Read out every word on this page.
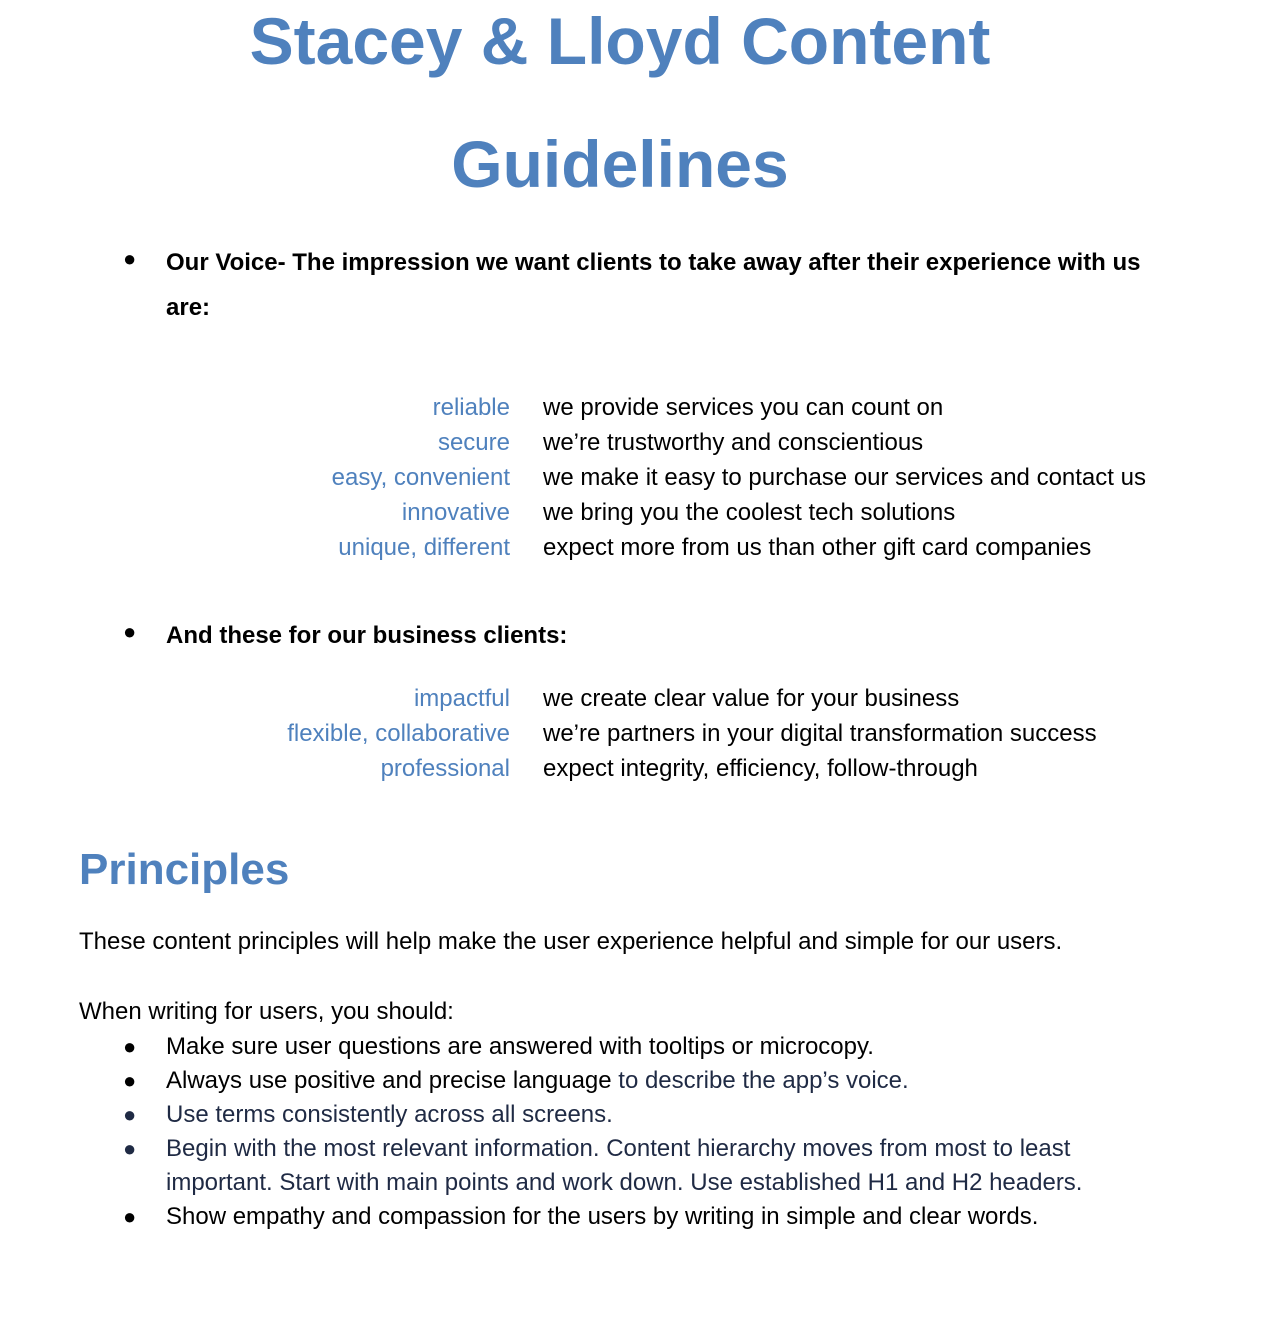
Stacey & Lloyd Content
Guidelines
● Our Voice- The impression we want clients to take away after their experience with us are:
reliable we provide services you can count on
secure we’re trustworthy and conscientious
easy, convenient we make it easy to purchase our services and contact us
innovative we bring you the coolest tech solutions
unique, different expect more from us than other gift card companies
● And these for our business clients:
impactful we create clear value for your business
flexible, collaborative we’re partners in your digital transformation success
professional expect integrity, efficiency, follow-through
Principles
These content principles will help make the user experience helpful and simple for our users.
When writing for users, you should:
● Make sure user questions are answered with tooltips or microcopy.
● Always use positive and precise language to describe the app’s voice.
● Use terms consistently across all screens.
● Begin with the most relevant information. Content hierarchy moves from most to least important. Start with main points and work down. Use established H1 and H2 headers.
● Show empathy and compassion for the users by writing in simple and clear words.
